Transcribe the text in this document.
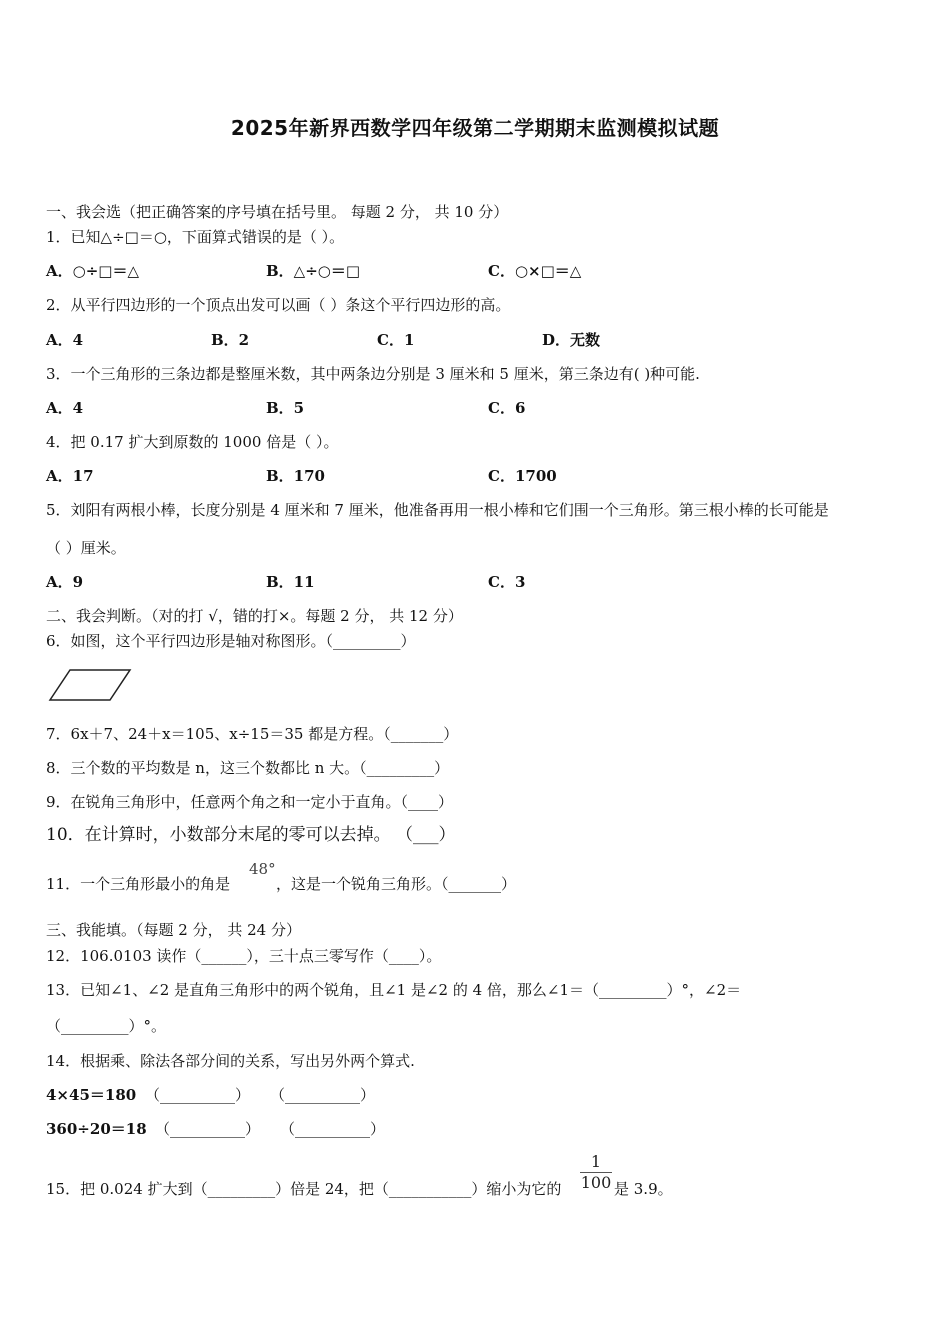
2025年新界西数学四年级第二学期期末监测模拟试题
一、我会选（把正确答案的序号填在括号里。 每题 2 分， 共 10 分）
1．已知△÷□＝○，下面算式错误的是（ ）。
A．○÷□＝△	B．△÷○＝□	C．○×□＝△
2．从平行四边形的一个顶点出发可以画（ ）条这个平行四边形的高。
A．4	B．2	C．1	D．无数
3．一个三角形的三条边都是整厘米数，其中两条边分别是 3 厘米和 5 厘米，第三条边有( )种可能.
A．4	B．5	C．6
4．把 0.17 扩大到原数的 1000 倍是（ ）。
A．17	B．170	C．1700
5．刘阳有两根小棒，长度分别是 4 厘米和 7 厘米，他准备再用一根小棒和它们围一个三角形。第三根小棒的长可能是
（ ）厘米。
A．9	B．11	C．3
二、我会判断。（对的打 √，错的打×。每题 2 分， 共 12 分）
6．如图，这个平行四边形是轴对称图形。（_________）
7．6x＋7、24＋x＝105、x÷15＝35 都是方程。（_______）
8．三个数的平均数是 n，这三个数都比 n 大。（_________）
9．在锐角三角形中，任意两个角之和一定小于直角。（____）
10．在计算时，小数部分末尾的零可以去掉。 （___）
11．一个三角形最小的角是
48°
，这是一个锐角三角形。（_______）
三、我能填。（每题 2 分， 共 24 分）
12．106.0103 读作（______），三十点三零写作（____）。
13．已知∠1、∠2 是直角三角形中的两个锐角，且∠1 是∠2 的 4 倍，那么∠1＝（_________）°，∠2＝
（_________）°。
14．根据乘、除法各部分间的关系，写出另外两个算式.
4×45＝180 （__________） （__________）
360÷20＝18 （__________） （__________）
15．把 0.024 扩大到（_________）倍是 24，把（___________）缩小为它的
1
100 是 3.9。
